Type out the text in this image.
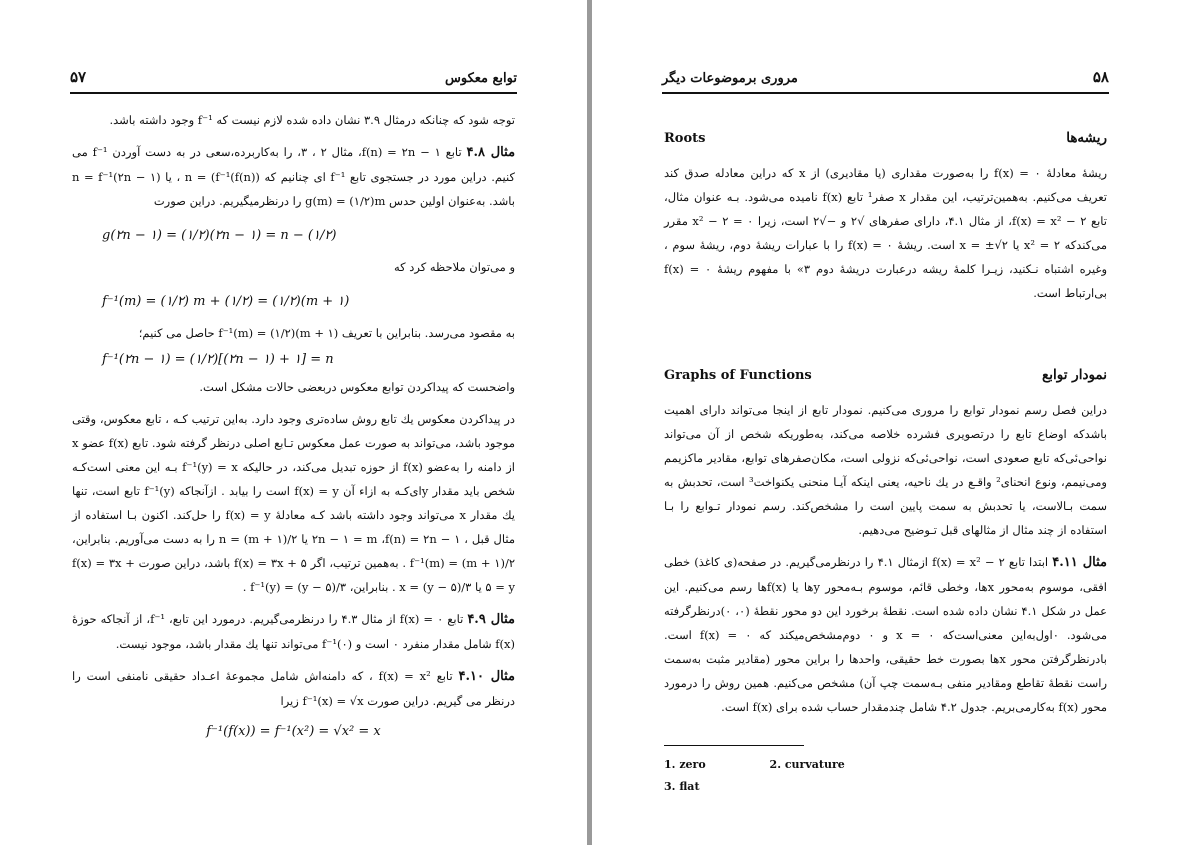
۵۷	توابع معکوس

توجه شود که چنانکه درمثال ۳.۹ نشان داده شده لازم نیست که f⁻¹ وجود داشته باشد.

مثال ۴.۸ تابع f(n) = ۲n − ۱، مثال ۲ ، ۳، را به‌کاربرده،سعی در به دست آوردن f⁻¹ می کنیم. دراین مورد در جستجوی تابع f⁻¹ ای چنانیم که n = (f⁻¹(f(n)) ، یا n = f⁻¹(۲n − ۱) باشد. به‌عنوان اولین حدس g(m) = (۱/۲)m را درنظرمیگیریم. دراین صورت

g(۲n − ۱) = (۱/۲)(۲n − ۱) = n − (۱/۲)

و می‌توان ملاحظه کرد که

f⁻¹(m) = (۱/۲) m + (۱/۲) = (۱/۲)(m + ۱)

به مقصود می‌رسد. بنابراین با تعریف f⁻¹(m) = (۱/۲)(m + ۱) حاصل می کنیم؛

f⁻¹(۲n − ۱) = (۱/۲)[(۲n − ۱) + ۱] = n

واضحست که پیداکردن توابع معکوس دربعضی حالات مشکل است.

در پیداکردن معکوس یك تابع روش ساده‌تری وجود دارد. به‌این ترتیب کـه ، تابع معکوس، وقتی موجود باشد، می‌تواند به صورت عمل معکوس تـابع اصلی درنظر گرفته شود. تابع f(x) عضو x از دامنه را به‌عضو f(x) از حوزه تبدیل می‌کند، در حالیکه f⁻¹(y) = x بـه این معنی است‌کـه شخص باید مقدار y‌ای‌کـه به ازاء آن f(x) = y است را بیابد . ازآنجاکه f⁻¹(y) تابع است، تنها يك مقدار x می‌تواند وجود داشته باشد کـه معادلهٔ f(x) = y را حل‌کند. اکنون بـا استفاده از مثال قبل ، ۲n − ۱ = m ،f(n) = ۲n − ۱ یا n = (m + ۱)/۲ را به دست می‌آوریم. بنابراین، f⁻¹(m) = (m + ۱)/۲ . به‌همین ترتیب، اگر f(x) = ۳x + ۵ باشد، دراین صورت f(x) = ۳x + ۵ = y یا x = (y − ۵)/۳ . بنابراین، f⁻¹(y) = (y − ۵)/۳ .

مثال ۴.۹ تابع f(x) = ۰ از مثال ۴.۳ را درنظرمی‌گیریم. درمورد این تابع، f⁻¹، از آنجاکه حوزهٔ f(x) شامل مقدار منفرد ۰ است و f⁻¹(۰) می‌تواند تنها يك مقدار باشد، موجود نیست.

مثال ۴.۱۰ تابع f(x) = x² ، که دامنه‌اش شامل مجموعهٔ اعـداد حقیقی نامنفی است را درنظر می گیریم. دراین صورت f⁻¹(x) = √x زیرا

f⁻¹(f(x)) = f⁻¹(x²) = √x² = x
مروری برموضوعات دیگر	۵۸
Roots	ریشه‌ها

ریشهٔ معادلهٔ f(x) = ۰ را به‌صورت مقداری (یا مقادیری) از x که دراین معادله صدق کند تعریف می‌کنیم. به‌همین‌ترتیب، این مقدار x صفر¹ تابع f(x) نامیده می‌شود. بـه عنوان مثال، تابع f(x) = x² − ۲، از مثال ۴.۱، دارای صفرهای √۲ و −√۲ است، زیرا ۰ = x² − ۲ مقرر می‌کندکه x² = ۲ یا x = ±√۲ است. ریشهٔ f(x) = ۰ را با عبارات ریشهٔ دوم، ریشهٔ سوم ، وغیره اشتباه نـکنید، زیـرا کلمهٔ ریشه درعبارت دریشهٔ دوم ۳» با مفهوم ریشهٔ f(x) = ۰ بی‌ارتباط است.

Graphs of Functions	نمودار توابع

دراین فصل رسم نمودار توابع را مروری می‌کنیم. نمودار تابع از اینجا می‌تواند دارای اهمیت باشدکه اوضاع تابع را درتصویری فشرده خلاصه می‌کند، به‌طوریکه شخص از آن می‌تواند نواحی‌ئی‌که تابع صعودی است، نواحی‌ئی‌که نزولی است، مکان‌صفرهای توابع، مقادیر ماکزیمم ومی‌نیمم، ونوع انحنای² واقـع در يك ناحیه، یعنی اینکه آیـا منحنی یکنواخت³ است، تحدبش به سمت بـالاست، یا تحدبش به سمت پایین است را مشخص‌کند. رسم نمودار تـوابع را بـا استفاده از چند مثال از مثالهای قبل تـوضیح می‌دهیم.

مثال ۴.۱۱ ابتدا تابع f(x) = x² − ۲ ازمثال ۴.۱ را درنظرمی‌گیریم. در صفحه‌(ی کاغذ) خطی افقی، موسوم به‌محور xها، وخطی قائم، موسوم بـه‌محور yها یا f(x)ها رسم می‌کنیم. این عمل در شکل ۴.۱ نشان داده شده است. نقطهٔ برخورد این دو محور نقطهٔ (۰، ۰)درنظرگرفته می‌شود. ۰اول‌به‌این معنی‌است‌که x = ۰ و ۰ دوم‌مشخص‌میکند که f(x) = ۰ است. بادرنظرگرفتن محور xها بصورت خط حقیقی، واحدها را براین محور (مقادیر مثبت به‌سمت راست نقطهٔ تقاطع ومقادیر منفی بـه‌سمت چپ آن) مشخص می‌کنیم. همین روش را درمورد محور f(x) به‌کارمی‌بریم. جدول ۴.۲ شامل چندمقدار حساب شده برای f(x) است.

1. zero	2. curvature
3. flat
